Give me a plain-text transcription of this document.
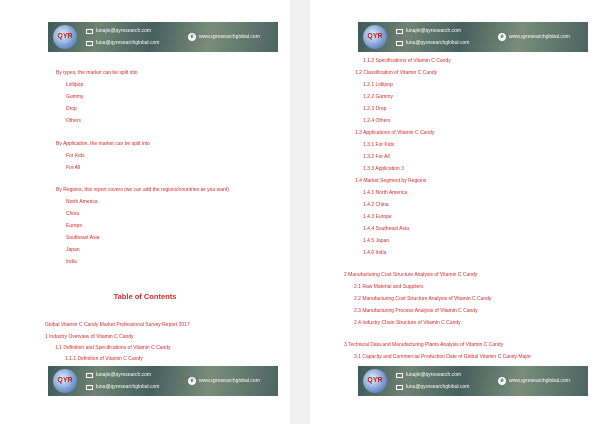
QYR
lunajin@qyresearch.com
luna@qyresearchglobal.com
e	www.qyresearchglobal.com
By types, the market can be split into
Lollipop
Gummy
Drop
Others
By Application, the market can be split into
For Kids
For All
By Regions, this report covers (we can add the regions/countries as you want)
North America
China
Europe
Southeast Asia
Japan
India
Table of Contents
Global Vitamin C Candy Market Professional Survey Report 2017
1 Industry Overview of Vitamin C Candy
1.1 Definition and Specifications of Vitamin C Candy
1.1.1 Definition of Vitamin C Candy
QYR
lunajin@qyresearch.com
luna@qyresearchglobal.com
e	www.qyresearchglobal.com
QYR
lunajin@qyresearch.com
luna@qyresearchglobal.com
e	www.qyresearchglobal.com
1.1.2 Specifications of Vitamin C Candy
1.2 Classification of Vitamin C Candy
1.2.1 Lollipop
1.2.2 Gummy
1.2.3 Drop
1.2.4 Others
1.3 Applications of Vitamin C Candy
1.3.1 For Kids
1.3.2 For All
1.3.3 Application 3
1.4 Market Segment by Regions
1.4.1 North America
1.4.2 China
1.4.3 Europe
1.4.4 Southeast Asia
1.4.5 Japan
1.4.6 India
2 Manufacturing Cost Structure Analysis of Vitamin C Candy
2.1 Raw Material and Suppliers
2.2 Manufacturing Cost Structure Analysis of Vitamin C Candy
2.3 Manufacturing Process Analysis of Vitamin C Candy
2.4 Industry Chain Structure of Vitamin C Candy
3 Technical Data and Manufacturing Plants Analysis of Vitamin C Candy
3.1 Capacity and Commercial Production Date of Global Vitamin C Candy Major
QYR
lunajin@qyresearch.com
luna@qyresearchglobal.com
e	www.qyresearchglobal.com
